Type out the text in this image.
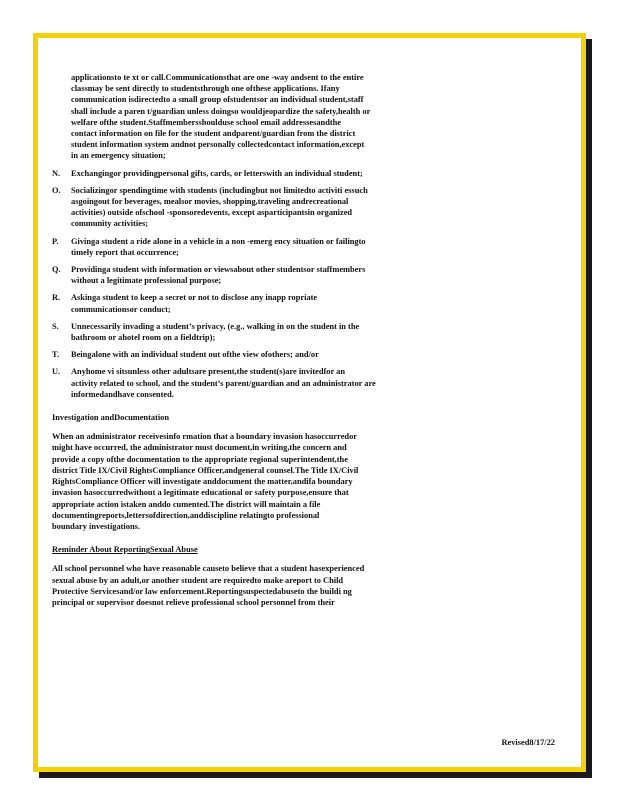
applicationsto te xt or call.Communicationsthat are one -way andsent to the entire
classmay be sent directly to studentsthrough one ofthese applications. Ifany
communication isdirectedto a small group ofstudentsor an individual student,staff
shall include a paren t/guardian unless doingso wouldjeopardize the safety,health or
welfare ofthe student.Staffmembersshoulduse school email addressesandthe
contact information on file for the student andparent/guardian from the district
student information system andnot personally collectedcontact information,except
in an emergency situation;
N.	Exchangingor providingpersonal gifts, cards, or letterswith an individual student;
O.	Socializingor spendingtime with students (includingbut not limitedto activiti essuch
asgoingout for beverages, mealsor movies, shopping,traveling andrecreational
activities) outside ofschool -sponsoredevents, except asparticipantsin organized
community activities;
P.	Givinga student a ride alone in a vehicle in a non -emerg ency situation or failingto
timely report that occurrence;
Q.	Providinga student with information or viewsabout other studentsor staffmembers
without a legitimate professional purpose;
R.	Askinga student to keep a secret or not to disclose any inapp ropriate
communicationsor conduct;
S.	Unnecessarily invading a student’s privacy, (e.g., walking in on the student in the
bathroom or ahotel room on a fieldtrip);
T.	Beingalone with an individual student out ofthe view ofothers; and/or
U.	Anyhome vi sitsunless other adultsare present,the student(s)are invitedfor an
activity related to school, and the student’s parent/guardian and an administrator are
informedandhave consented.
Investigation andDocumentation
When an administrator receivesinfo rmation that a boundary invasion hasoccurredor
might have occurred, the administrator must document,in writing,the concern and
provide a copy ofthe documentation to the appropriate regional superintendent,the
district Title IX/Civil RightsCompliance Officer,andgeneral counsel.The Title IX/Civil
RightsCompliance Officer will investigate anddocument the matter,andifa boundary
invasion hasoccurredwithout a legitimate educational or safety purpose,ensure that
appropriate action istaken anddo cumented.The district will maintain a file
documentingreports,lettersofdirection,anddiscipline relatingto professional
boundary investigations.
Reminder About ReportingSexual Abuse
All school personnel who have reasonable causeto believe that a student hasexperienced
sexual abuse by an adult,or another student are requiredto make areport to Child
Protective Servicesand/or law enforcement.Reportingsuspectedabuseto the buildi ng
principal or supervisor doesnot relieve professional school personnel from their
Revised8/17/22
